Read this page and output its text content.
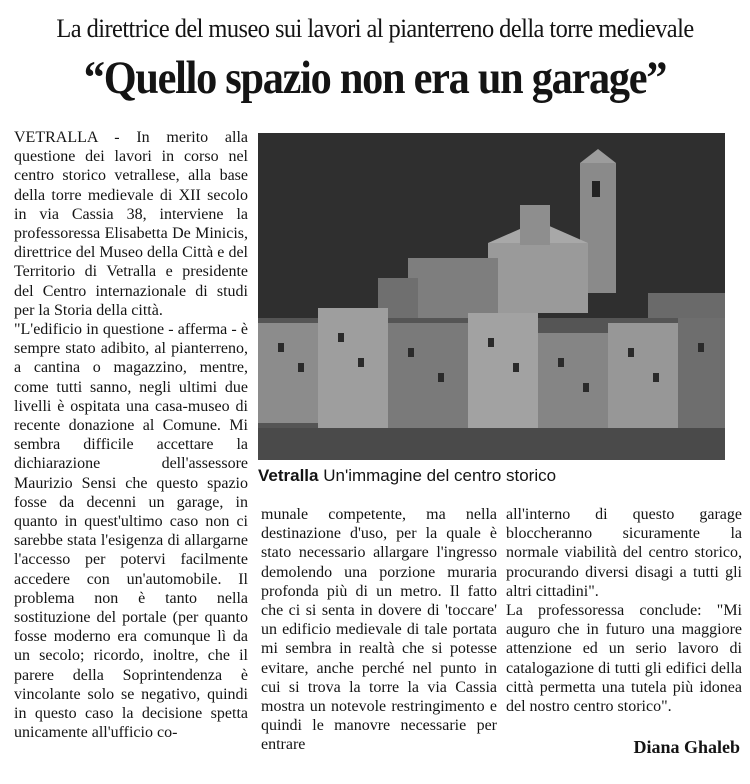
La direttrice del museo sui lavori al pianterreno della torre medievale
“Quello spazio non era un garage”

VETRALLA - In merito alla questione dei lavori in corso nel centro storico vetrallese, alla base della torre medievale di XII secolo in via Cassia 38, interviene la professoressa Elisabetta De Minicis, direttrice del Museo della Città e del Territorio di Vetralla e presidente del Centro internazionale di studi per la Storia della città.

"L'edificio in questione - afferma - è sempre stato adibito, al pianterreno, a cantina o magazzino, mentre, come tutti sanno, negli ultimi due livelli è ospitata una casa-museo di recente donazione al Comune. Mi sembra difficile accettare la dichiarazione dell'assessore Maurizio Sensi che questo spazio fosse da decenni un garage, in quanto in quest'ultimo caso non ci sarebbe stata l'esigenza di allargarne l'accesso per potervi facilmente accedere con un'automobile. Il problema non è tanto nella sostituzione del portale (per quanto fosse moderno era comunque lì da un secolo; ricordo, inoltre, che il parere della Soprintendenza è vincolante solo se negativo, quindi in questo caso la decisione spetta unicamente all'ufficio co-

Vetralla Un'immagine del centro storico

munale competente, ma nella destinazione d'uso, per la quale è stato necessario allargare l'ingresso demolendo una porzione muraria profonda più di un metro. Il fatto che ci si senta in dovere di 'toccare' un edificio medievale di tale portata mi sembra in realtà che si potesse evitare, anche perché nel punto in cui si trova la torre la via Cassia mostra un notevole restringimento e quindi le manovre necessarie per entrare

all'interno di questo garage bloccheranno sicuramente la normale viabilità del centro storico, procurando diversi disagi a tutti gli altri cittadini".

La professoressa conclude: "Mi auguro che in futuro una maggiore attenzione ed un serio lavoro di catalogazione di tutti gli edifici della città permetta una tutela più idonea del nostro centro storico".

Diana Ghaleb
